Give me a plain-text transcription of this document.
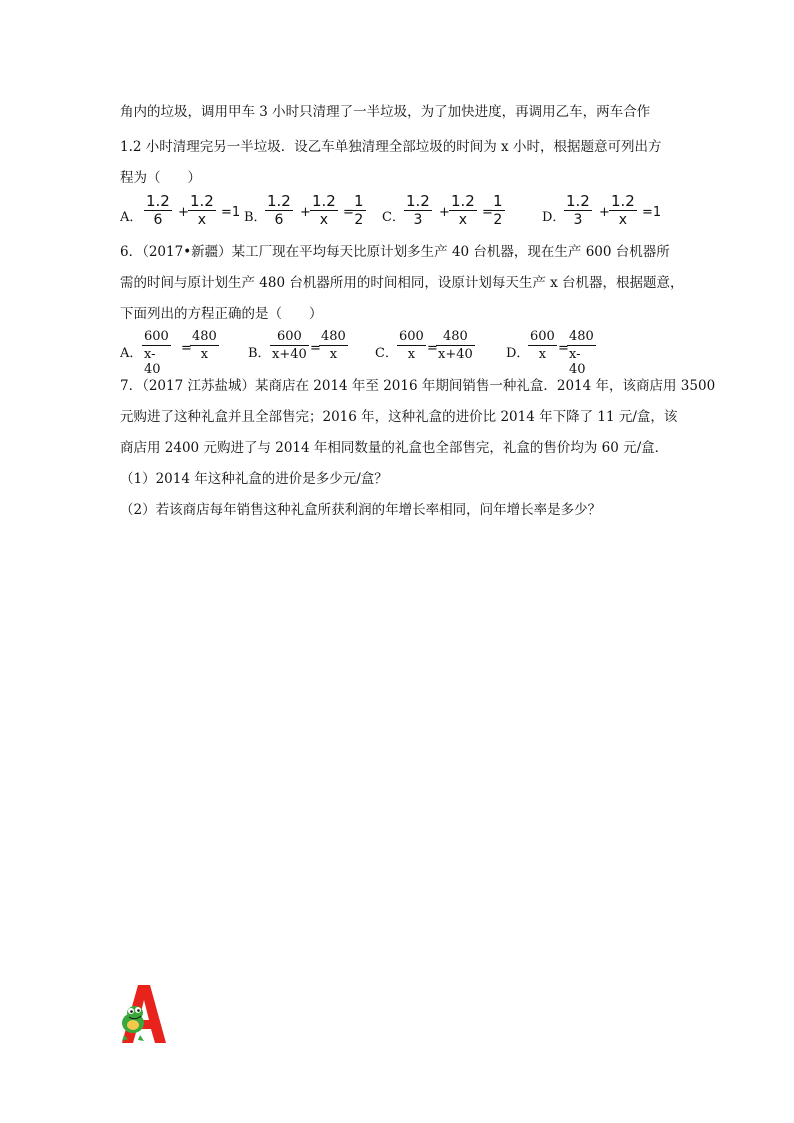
角内的垃圾，调用甲车 3 小时只清理了一半垃圾，为了加快进度，再调用乙车，两车合作
1.2 小时清理完另一半垃圾．设乙车单独清理全部垃圾的时间为 x 小时，根据题意可列出方
程为（　　）
A．
1.2
6 +
1.2
x =1 B．
1.2
6 +
1.2
x =
1
2 C．
1.2
3 +
1.2
x =
1
2	D．
1.2
3 +
1.2
x =1
6．（2017•新疆）某工厂现在平均每天比原计划多生产 40 台机器，现在生产 600 台机器所
需的时间与原计划生产 480 台机器所用的时间相同，设原计划每天生产 x 台机器，根据题意，
下面列出的方程正确的是（　　）
A．
600
x-40
=
480
x	B．
600
x+40 =
480
x	C．
600
x =
480
x+40	D．
600
x =
480
x-40
7．（2017 江苏盐城）某商店在 2014 年至 2016 年期间销售一种礼盒．2014 年，该商店用 3500
元购进了这种礼盒并且全部售完；2016 年，这种礼盒的进价比 2014 年下降了 11 元/盒，该
商店用 2400 元购进了与 2014 年相同数量的礼盒也全部售完，礼盒的售价均为 60 元/盒．
（1）2014 年这种礼盒的进价是多少元/盒？
（2）若该商店每年销售这种礼盒所获利润的年增长率相同，问年增长率是多少？
